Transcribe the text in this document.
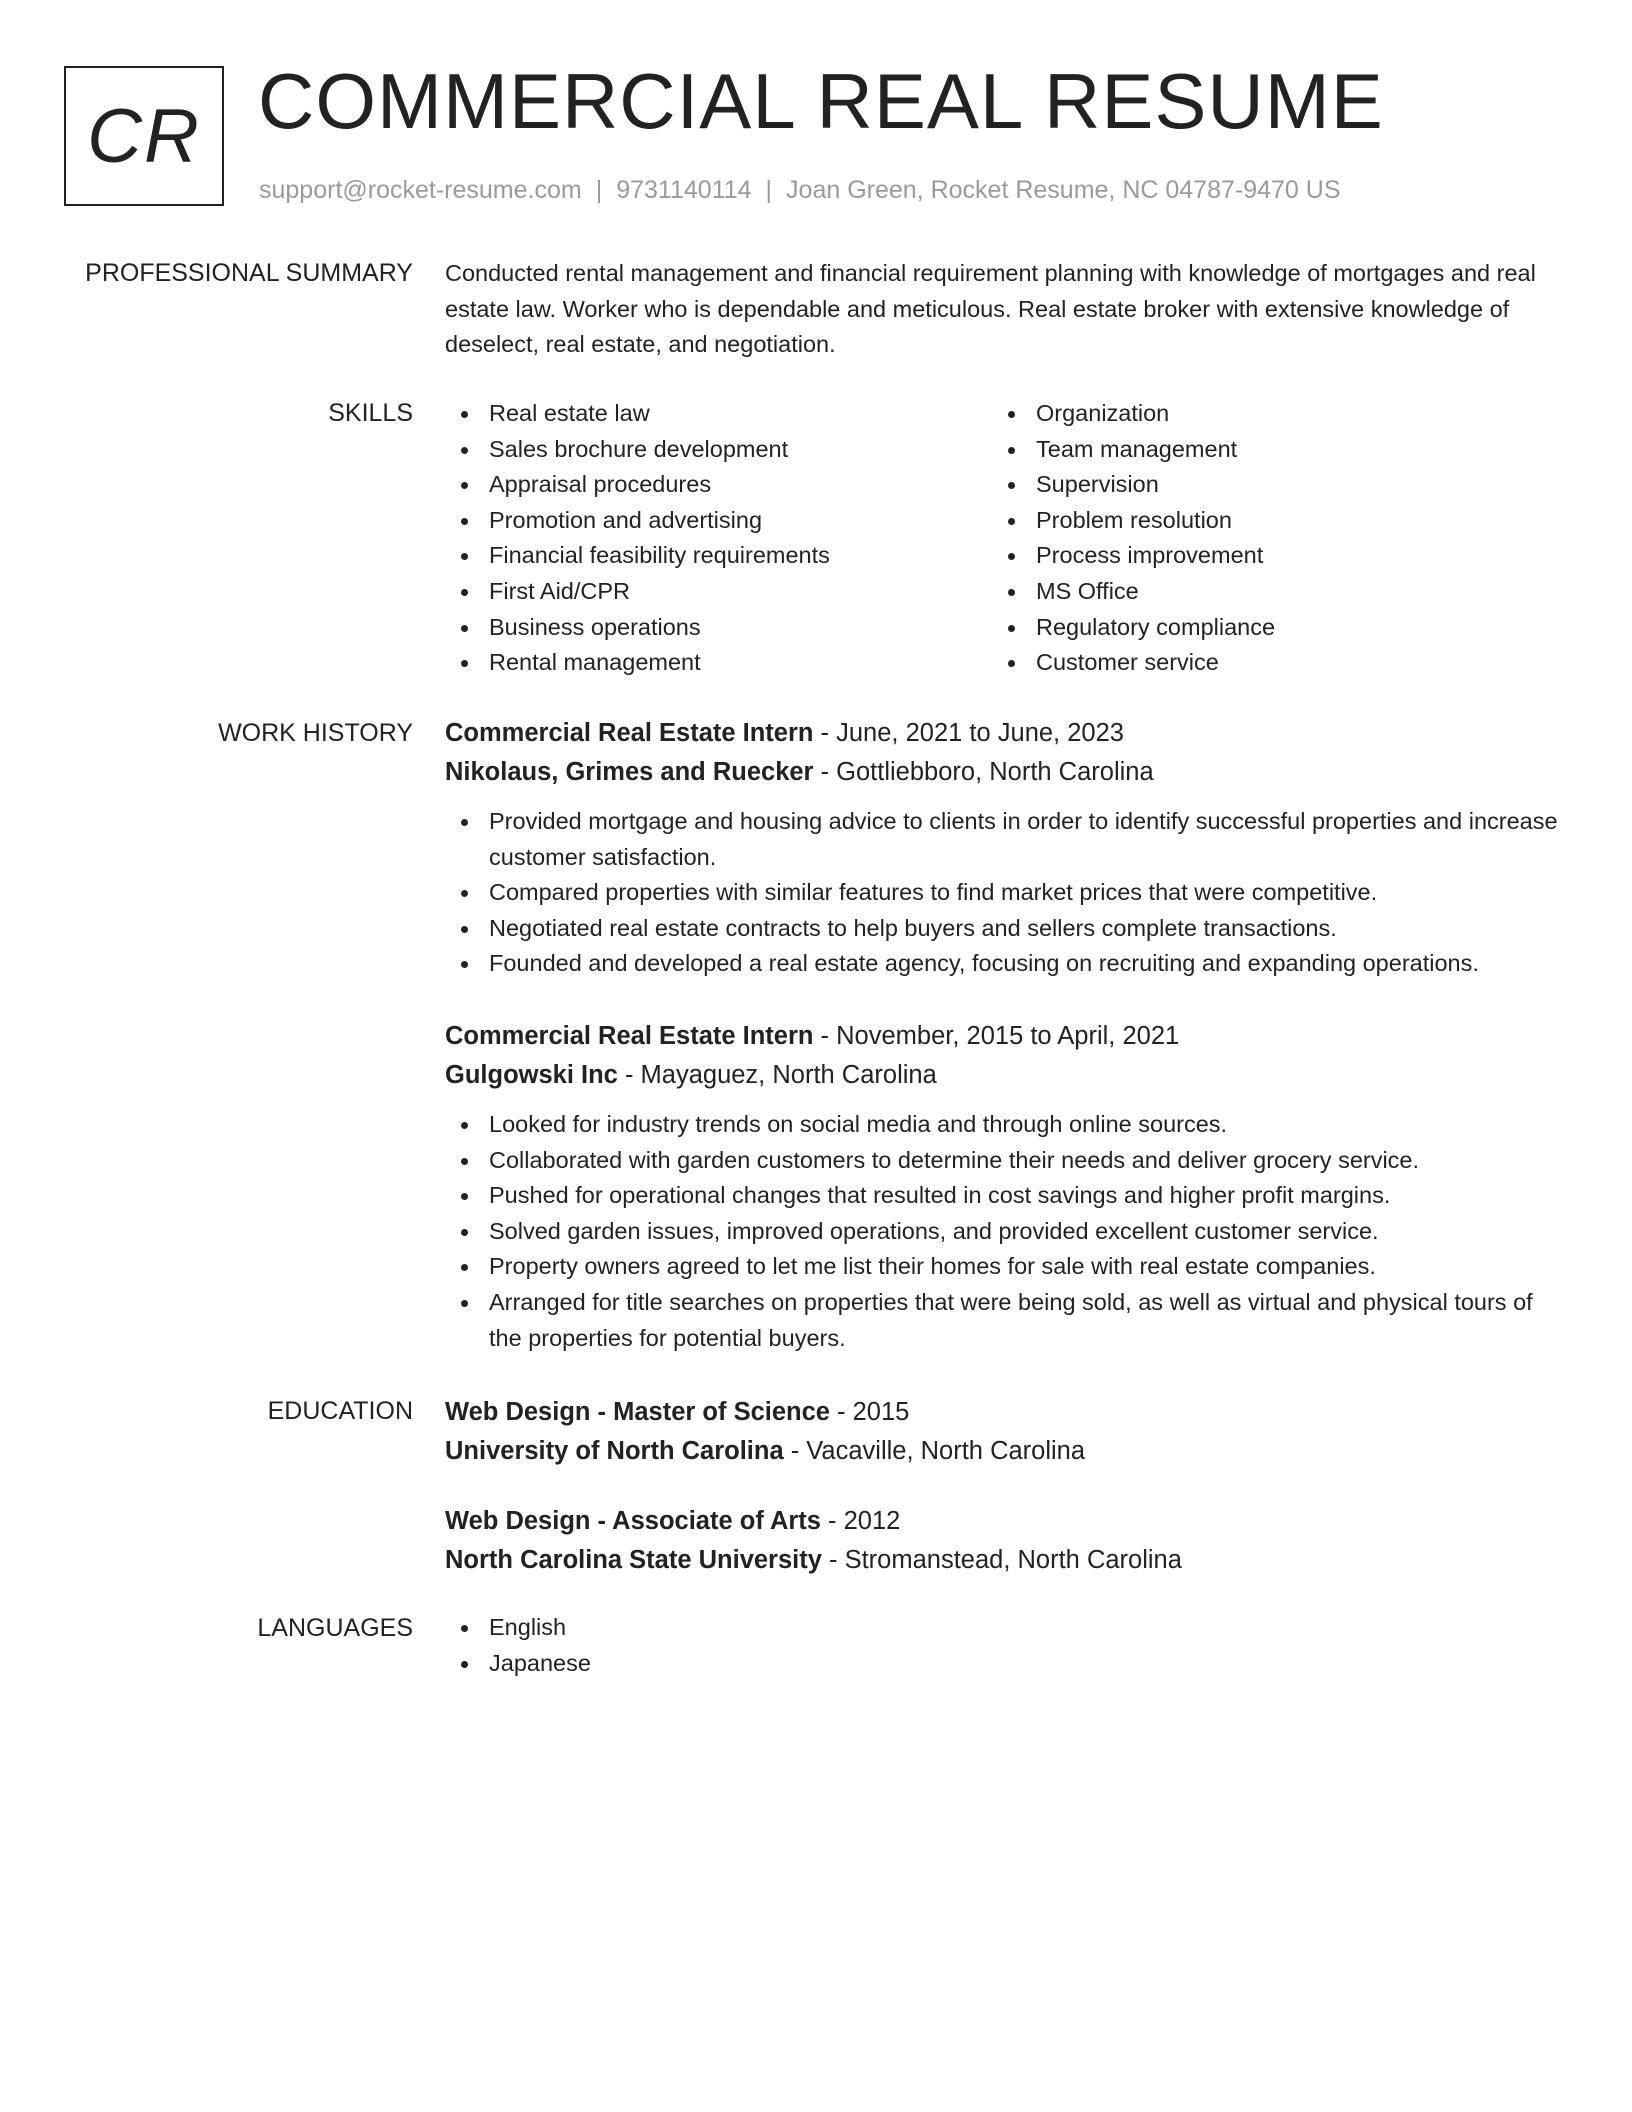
CR COMMERCIAL REAL RESUME
support@rocket-resume.com | 9731140114 | Joan Green, Rocket Resume, NC 04787-9470 US
PROFESSIONAL SUMMARY Conducted rental management and financial requirement planning with knowledge of mortgages and real estate law. Worker who is dependable and meticulous. Real estate broker with extensive knowledge of deselect, real estate, and negotiation.

SKILLS	Real estate law
Sales brochure development
Appraisal procedures
Promotion and advertising
Financial feasibility requirements
First Aid/CPR
Business operations
Rental management
Organization
Team management
Supervision
Problem resolution
Process improvement
MS Office
Regulatory compliance
Customer service
WORK HISTORY Commercial Real Estate Intern - June, 2021 to June, 2023
Nikolaus, Grimes and Ruecker - Gottliebboro, North Carolina
Provided mortgage and housing advice to clients in order to identify successful properties and increase customer satisfaction.
Compared properties with similar features to find market prices that were competitive.
Negotiated real estate contracts to help buyers and sellers complete transactions.
Founded and developed a real estate agency, focusing on recruiting and expanding operations.
Commercial Real Estate Intern - November, 2015 to April, 2021
Gulgowski Inc - Mayaguez, North Carolina
Looked for industry trends on social media and through online sources.
Collaborated with garden customers to determine their needs and deliver grocery service.
Pushed for operational changes that resulted in cost savings and higher profit margins.
Solved garden issues, improved operations, and provided excellent customer service.
Property owners agreed to let me list their homes for sale with real estate companies.
Arranged for title searches on properties that were being sold, as well as virtual and physical tours of the properties for potential buyers.
EDUCATION Web Design - Master of Science - 2015
University of North Carolina - Vacaville, North Carolina
Web Design - Associate of Arts - 2012
North Carolina State University - Stromanstead, North Carolina
LANGUAGES	English
Japanese
